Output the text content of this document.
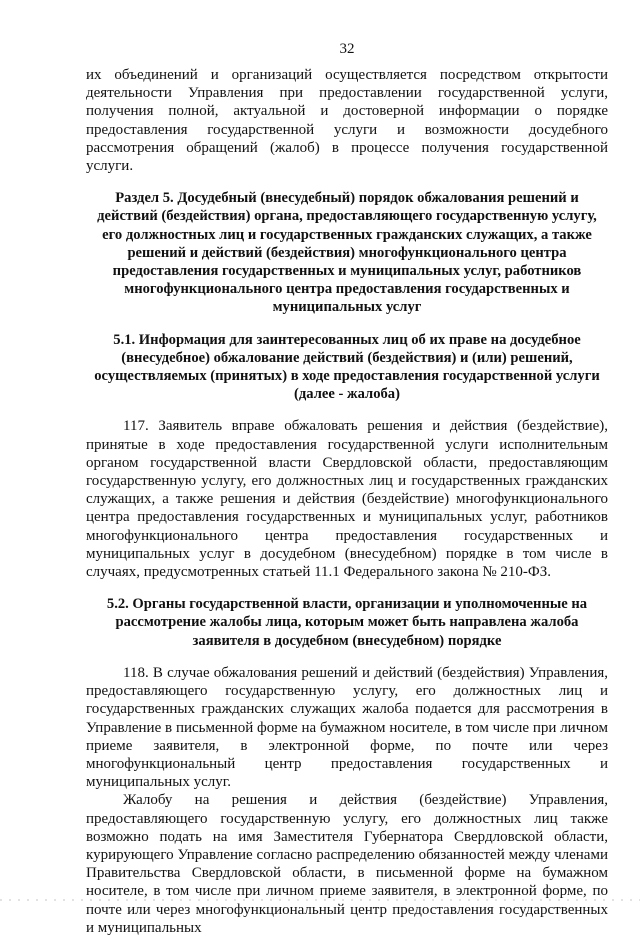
32

их объединений и организаций осуществляется посредством открытости деятельности Управления при предоставлении государственной услуги, получения полной, актуальной и достоверной информации о порядке предоставления государственной услуги и возможности досудебного рассмотрения обращений (жалоб) в процессе получения государственной услуги.

Раздел 5. Досудебный (внесудебный) порядок обжалования решений и действий (бездействия) органа, предоставляющего государственную услугу, его должностных лиц и государственных гражданских служащих, а также решений и действий (бездействия) многофункционального центра предоставления государственных и муниципальных услуг, работников многофункционального центра предоставления государственных и муниципальных услуг
5.1. Информация для заинтересованных лиц об их праве на досудебное (внесудебное) обжалование действий (бездействия) и (или) решений, осуществляемых (принятых) в ходе предоставления государственной услуги (далее - жалоба)

117. Заявитель вправе обжаловать решения и действия (бездействие), принятые в ходе предоставления государственной услуги исполнительным органом государственной власти Свердловской области, предоставляющим государственную услугу, его должностных лиц и государственных гражданских служащих, а также решения и действия (бездействие) многофункционального центра предоставления государственных и муниципальных услуг, работников многофункционального центра предоставления государственных и муниципальных услуг в досудебном (внесудебном) порядке в том числе в случаях, предусмотренных статьей 11.1 Федерального закона № 210-ФЗ.

5.2. Органы государственной власти, организации и уполномоченные на рассмотрение жалобы лица, которым может быть направлена жалоба заявителя в досудебном (внесудебном) порядке

118. В случае обжалования решений и действий (бездействия) Управления, предоставляющего государственную услугу, его должностных лиц и государственных гражданских служащих жалоба подается для рассмотрения в Управление в письменной форме на бумажном носителе, в том числе при личном приеме заявителя, в электронной форме, по почте или через многофункциональный центр предоставления государственных и муниципальных услуг.

Жалобу на решения и действия (бездействие) Управления, предоставляющего государственную услугу, его должностных лиц также возможно подать на имя Заместителя Губернатора Свердловской области, курирующего Управление согласно распределению обязанностей между членами Правительства Свердловской области, в письменной форме на бумажном носителе, в том числе при личном приеме заявителя, в электронной форме, по почте или через многофункциональный центр предоставления государственных и муниципальных
